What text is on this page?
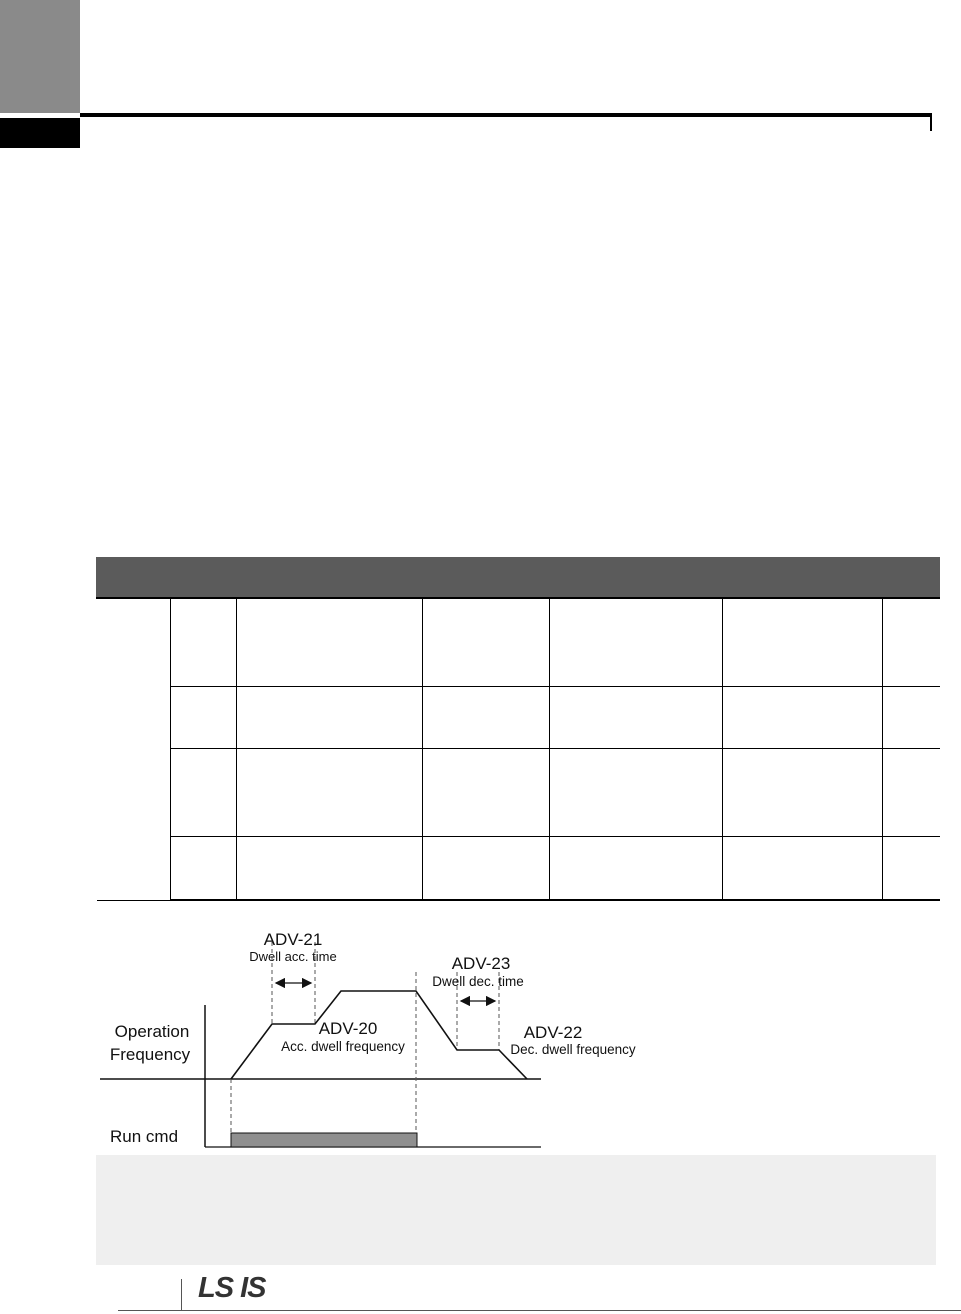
Operation
Frequency
Run cmd
ADV-21
Dwell acc. time
ADV-20
Acc. dwell frequency
ADV-23
Dwell dec. time
ADV-22
Dec. dwell frequency
LS IS
